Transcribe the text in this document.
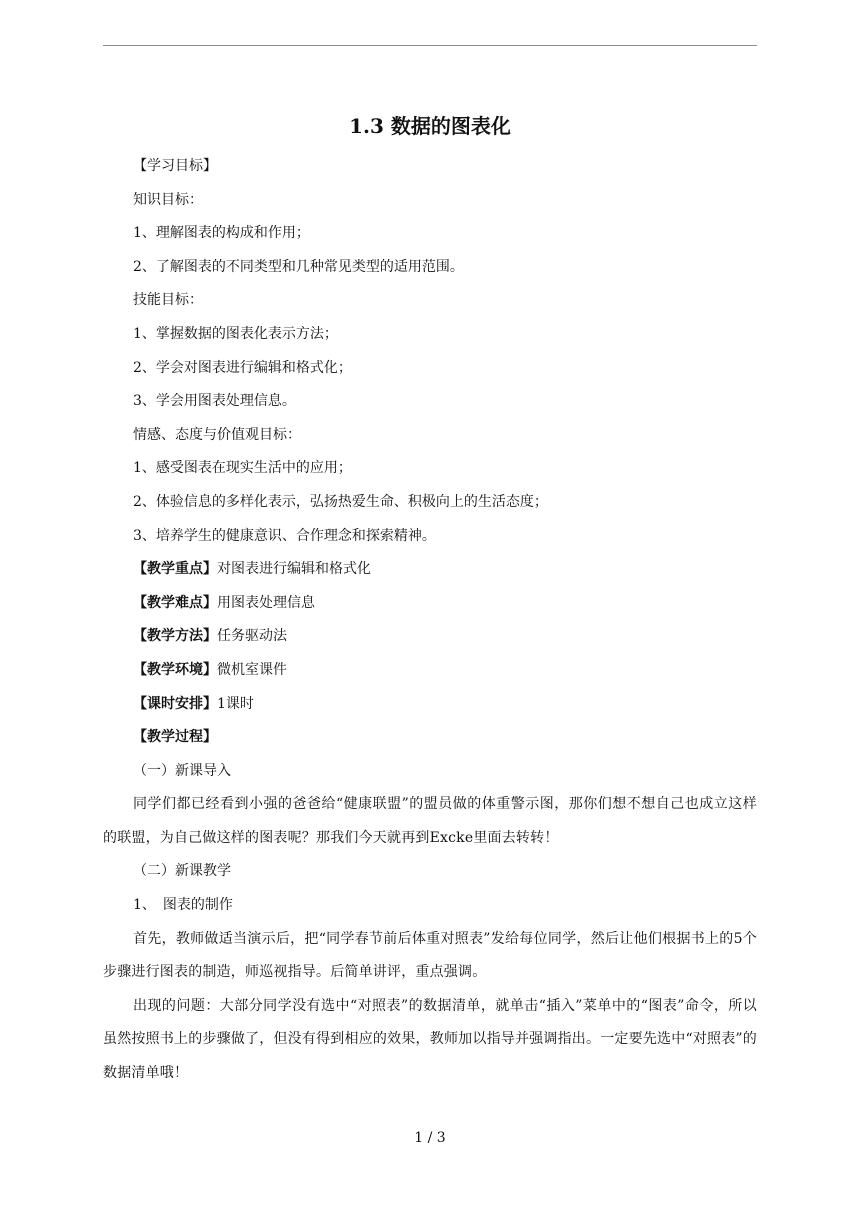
1.3 数据的图表化

【学习目标】

知识目标：

1、理解图表的构成和作用；

2、了解图表的不同类型和几种常见类型的适用范围。

技能目标：

1、掌握数据的图表化表示方法；

2、学会对图表进行编辑和格式化；

3、学会用图表处理信息。

情感、态度与价值观目标：

1、感受图表在现实生活中的应用；

2、体验信息的多样化表示，弘扬热爱生命、积极向上的生活态度；

3、培养学生的健康意识、合作理念和探索精神。

【教学重点】对图表进行编辑和格式化

【教学难点】用图表处理信息

【教学方法】任务驱动法

【教学环境】微机室课件

【课时安排】1课时

【教学过程】

（一）新课导入

同学们都已经看到小强的爸爸给“健康联盟”的盟员做的体重警示图，那你们想不想自己也成立这样的联盟，为自己做这样的图表呢？那我们今天就再到Excke里面去转转！

（二）新课教学

1、　图表的制作

首先，教师做适当演示后，把“同学春节前后体重对照表”发给每位同学，然后让他们根据书上的5个步骤进行图表的制造，师巡视指导。后简单讲评，重点强调。

出现的问题：大部分同学没有选中“对照表”的数据清单，就单击“插入”菜单中的“图表”命令，所以虽然按照书上的步骤做了，但没有得到相应的效果，教师加以指导并强调指出。一定要先选中“对照表”的数据清单哦！

1 / 3
